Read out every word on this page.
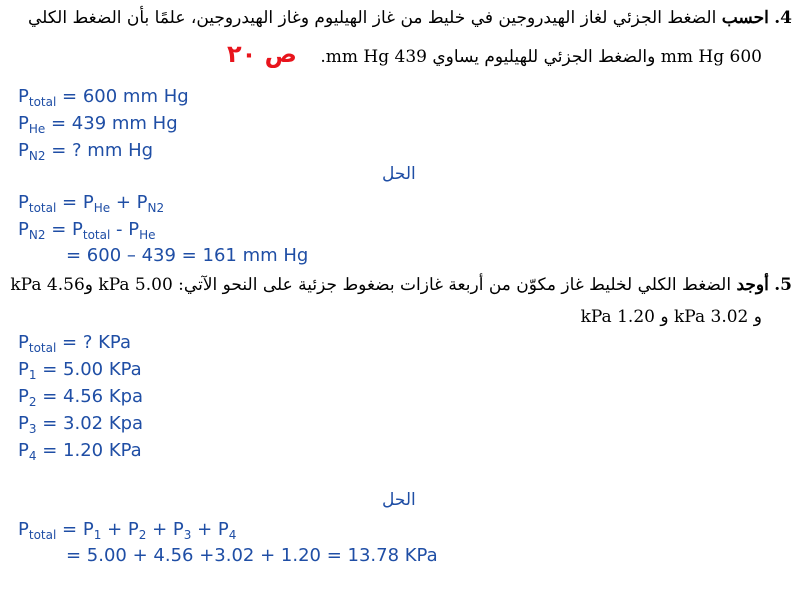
4. احسب الضغط الجزئي لغاز الهيدروجين في خليط من غاز الهيليوم وغاز الهيدروجين، علمًا بأن الضغط الكلي
600 mm Hg والضغط الجزئي للهيليوم يساوي 439 mm Hg. ص ٢٠
$P_{total} = 600$ mm Hg
$P_{He} = 439$ mm Hg
$P_{N2}$ = ? mm Hg
الحل
$P_{total} = P_{He} + P_{N2}$
$P_{N2} = P_{total} - P_{He}$
= 600 – 439 = 161 mm Hg
5. أوجد الضغط الكلي لخليط غاز مكوّن من أربعة غازات بضغوط جزئية على النحو الآتي: 5.00 kPa و4.56 kPa
و 3.02 kPa و 1.20 kPa
$P_{total}$ = ? KPa
$P_1 = 5.00$ KPa
$P_2 = 4.56$ Kpa
$P_3 = 3.02$ Kpa
$P_4 = 1.20$ KPa
الحل
$P_{total} = P_1 + P_2 + P_3 + P_4$
= 5.00 + 4.56 +3.02 + 1.20 = 13.78 KPa
